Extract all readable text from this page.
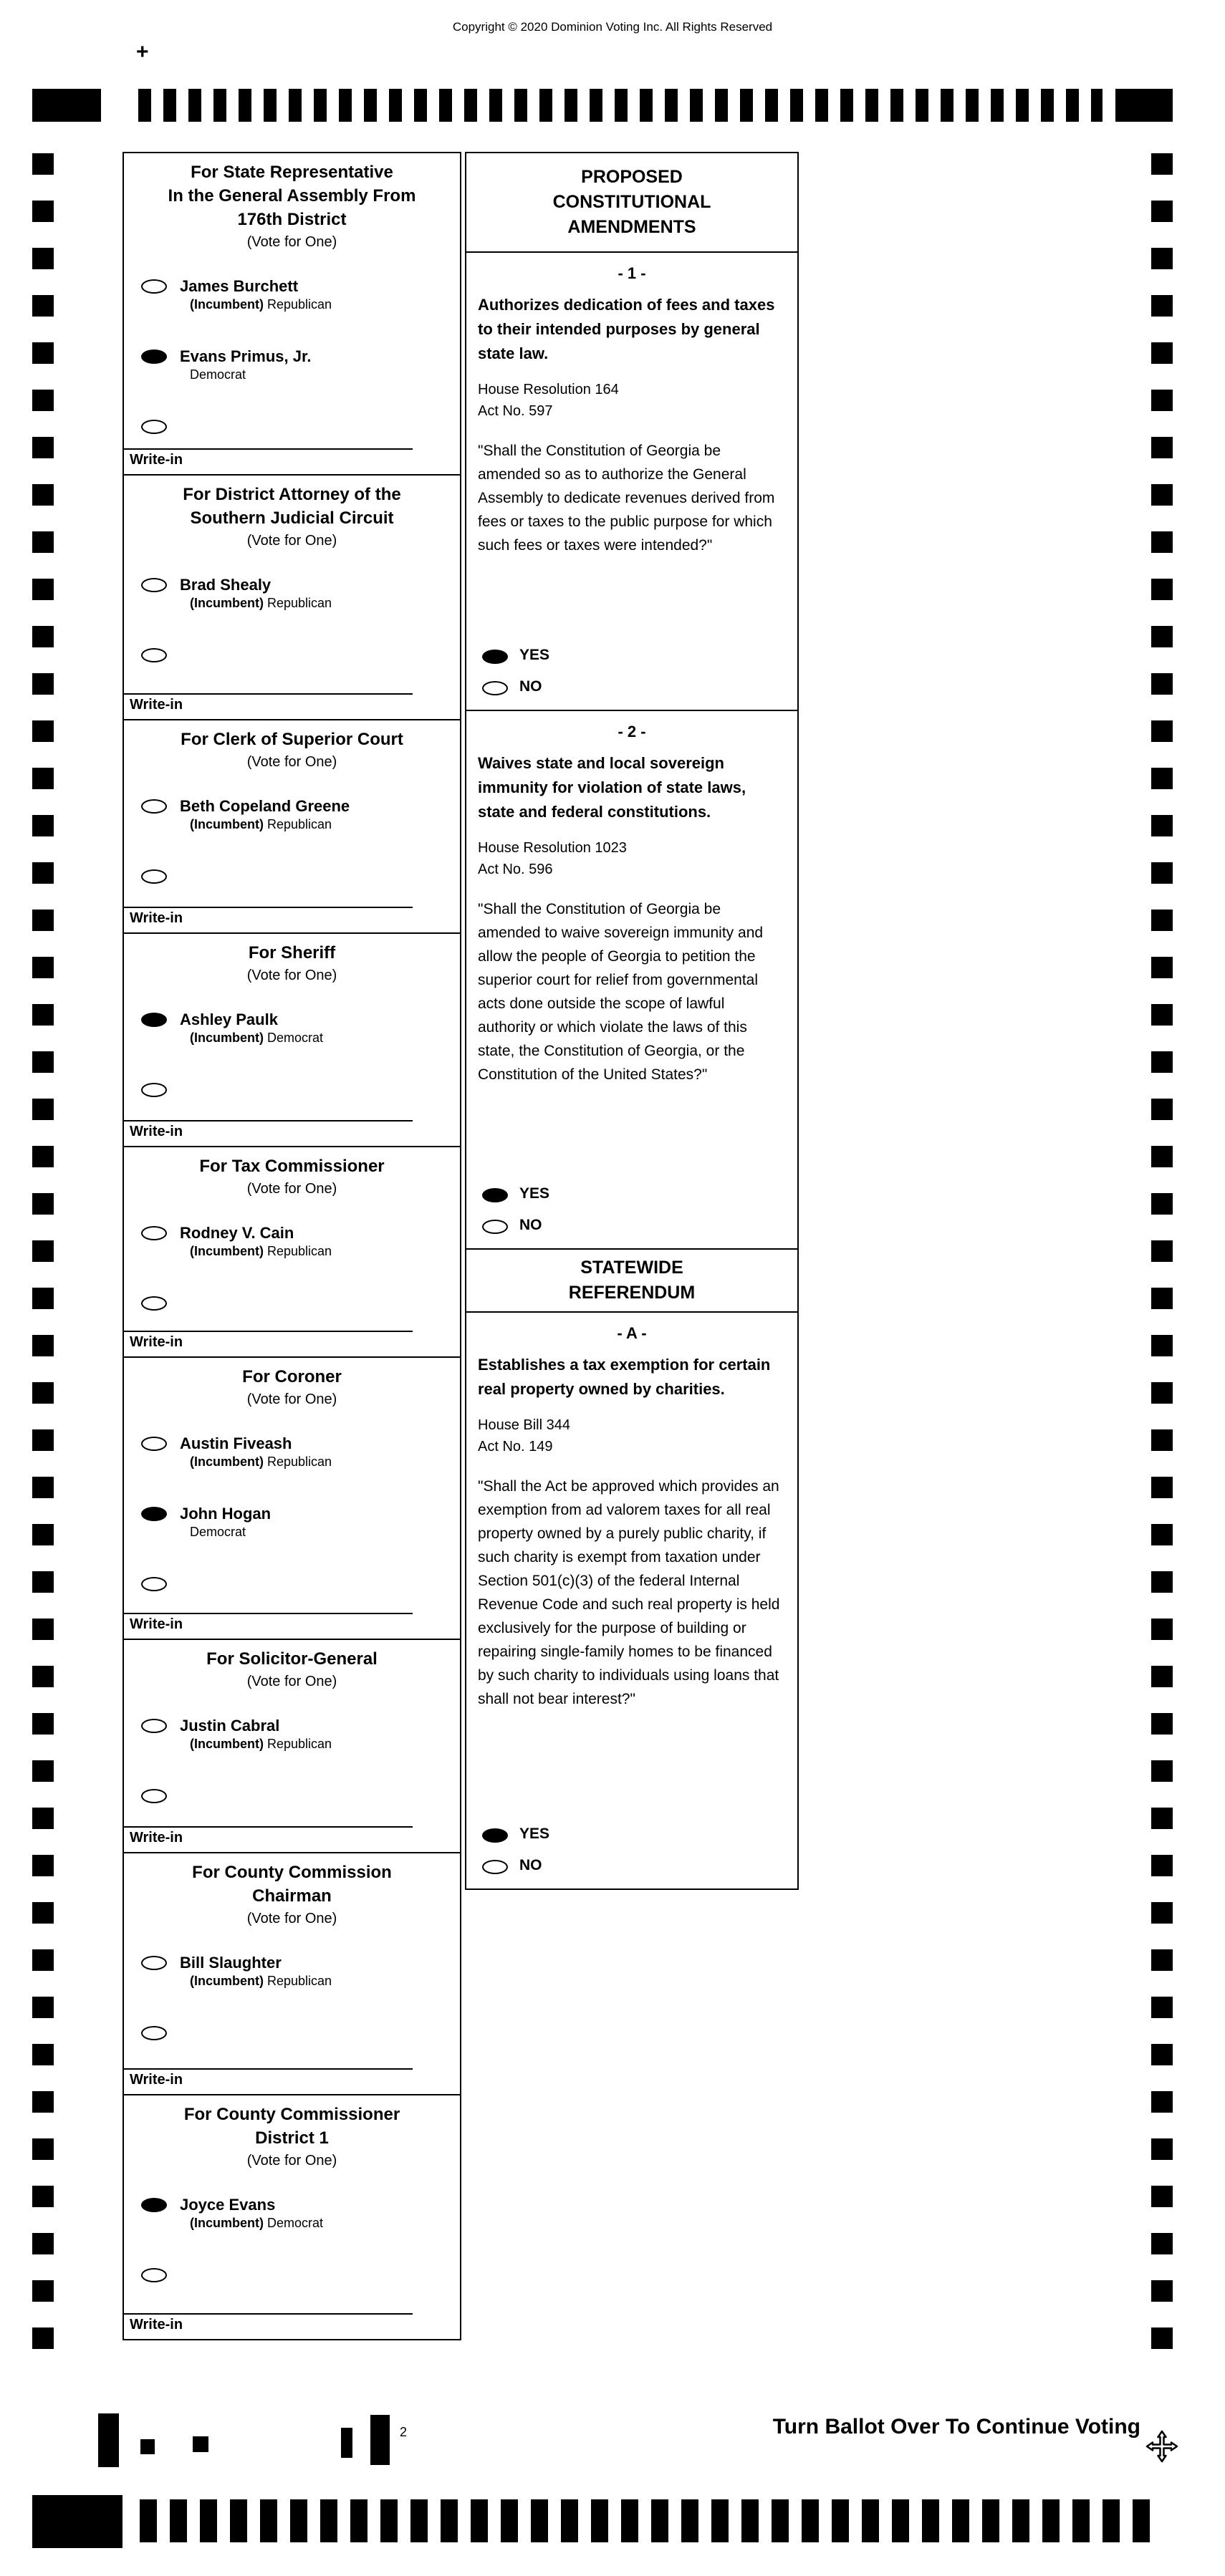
Copyright © 2020 Dominion Voting Inc. All Rights Reserved
+
For State Representative
In the General Assembly From
176th District
(Vote for One)
James Burchett
(Incumbent) Republican
Evans Primus, Jr.
Democrat
Write-in
For District Attorney of the
Southern Judicial Circuit
(Vote for One)
Brad Shealy
(Incumbent) Republican
Write-in
For Clerk of Superior Court
(Vote for One)
Beth Copeland Greene
(Incumbent) Republican
Write-in
For Sheriff
(Vote for One)
Ashley Paulk
(Incumbent) Democrat
Write-in
For Tax Commissioner
(Vote for One)
Rodney V. Cain
(Incumbent) Republican
Write-in
For Coroner
(Vote for One)
Austin Fiveash
(Incumbent) Republican
John Hogan
Democrat
Write-in
For Solicitor-General
(Vote for One)
Justin Cabral
(Incumbent) Republican
Write-in
For County Commission
Chairman
(Vote for One)
Bill Slaughter
(Incumbent) Republican
Write-in
For County Commissioner
District 1
(Vote for One)
Joyce Evans
(Incumbent) Democrat
Write-in
PROPOSED
CONSTITUTIONAL
AMENDMENTS
- 1 -
Authorizes dedication of fees and taxes to their intended purposes by general state law.
House Resolution 164
Act No. 597
"Shall the Constitution of Georgia be amended so as to authorize the General Assembly to dedicate revenues derived from fees or taxes to the public purpose for which such fees or taxes were intended?"
YES
NO
- 2 -
Waives state and local sovereign immunity for violation of state laws, state and federal constitutions.
House Resolution 1023
Act No. 596
"Shall the Constitution of Georgia be amended to waive sovereign immunity and allow the people of Georgia to petition the superior court for relief from governmental acts done outside the scope of lawful authority or which violate the laws of this state, the Constitution of Georgia, or the Constitution of the United States?"
YES
NO
STATEWIDE
REFERENDUM
- A -
Establishes a tax exemption for certain real property owned by charities.
House Bill 344
Act No. 149
"Shall the Act be approved which provides an exemption from ad valorem taxes for all real property owned by a purely public charity, if such charity is exempt from taxation under Section 501(c)(3) of the federal Internal Revenue Code and such real property is held exclusively for the purpose of building or repairing single-family homes to be financed by such charity to individuals using loans that shall not bear interest?"
YES
NO
2	Turn Ballot Over To Continue Voting
